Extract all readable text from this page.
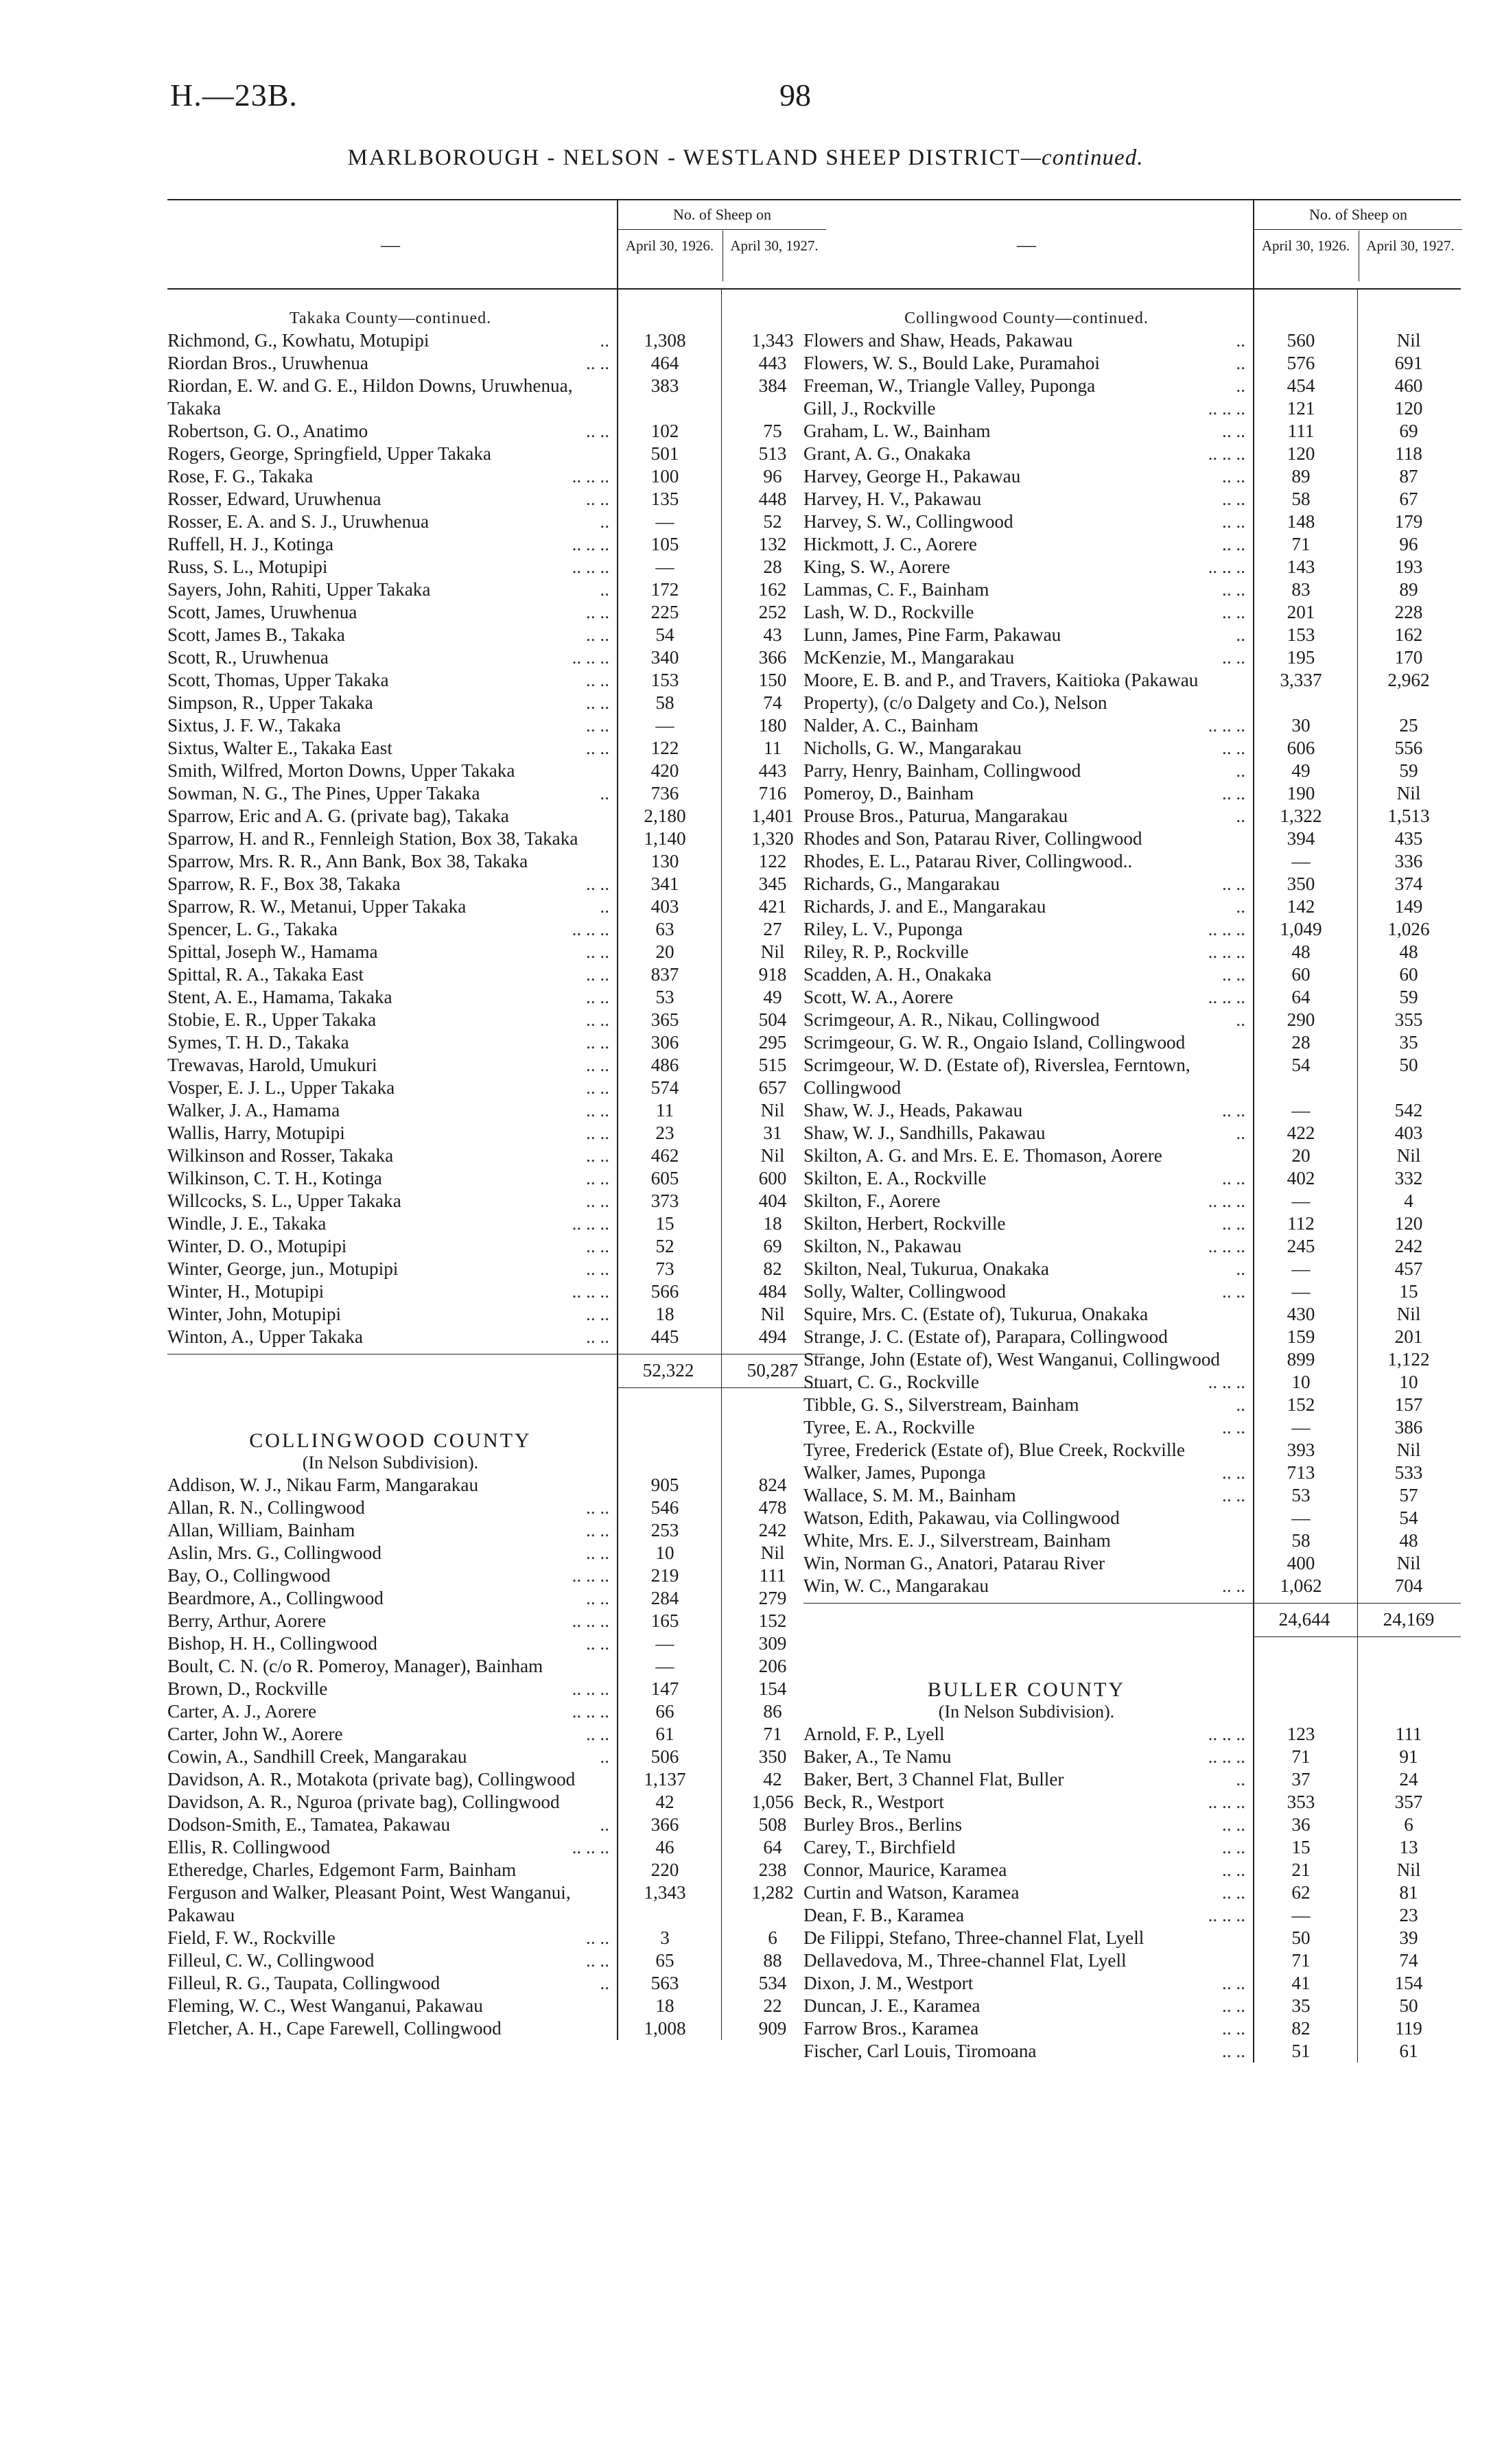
H.—23B.	98
MARLBOROUGH - NELSON - WESTLAND SHEEP DISTRICT—continued.
—
No. of Sheep on
April 30, 1926.	April 30, 1927.
Takaka County—continued.
Richmond, G., Kowhatu, Motupipi	..	1,308	1,343
Riordan Bros., Uruwhenua	.. ..	464	443
Riordan, E. W. and G. E., Hildon Downs, Uruwhenua, Takaka
383	384
Robertson, G. O., Anatimo	.. ..	102	75
Rogers, George, Springfield, Upper Takaka	501	513
Rose, F. G., Takaka	.. .. ..	100	96
Rosser, Edward, Uruwhenua	.. ..	135	448
Rosser, E. A. and S. J., Uruwhenua	..	—	52
Ruffell, H. J., Kotinga	.. .. ..	105	132
Russ, S. L., Motupipi	.. .. ..	—	28
Sayers, John, Rahiti, Upper Takaka	..	172	162
Scott, James, Uruwhenua	.. ..	225	252
Scott, James B., Takaka	.. ..	54	43
Scott, R., Uruwhenua	.. .. ..	340	366
Scott, Thomas, Upper Takaka	.. ..	153	150
Simpson, R., Upper Takaka	.. ..	58	74
Sixtus, J. F. W., Takaka	.. ..	—	180
Sixtus, Walter E., Takaka East	.. ..	122	11
Smith, Wilfred, Morton Downs, Upper Takaka	420	443
Sowman, N. G., The Pines, Upper Takaka	..	736	716
Sparrow, Eric and A. G. (private bag), Takaka	2,180	1,401
Sparrow, H. and R., Fennleigh Station, Box 38, Takaka	1,140	1,320
Sparrow, Mrs. R. R., Ann Bank, Box 38, Takaka	130	122
Sparrow, R. F., Box 38, Takaka	.. ..	341	345
Sparrow, R. W., Metanui, Upper Takaka	..	403	421
Spencer, L. G., Takaka	.. .. ..	63	27
Spittal, Joseph W., Hamama	.. ..	20	Nil
Spittal, R. A., Takaka East	.. ..	837	918
Stent, A. E., Hamama, Takaka	.. ..	53	49
Stobie, E. R., Upper Takaka	.. ..	365	504
Symes, T. H. D., Takaka	.. ..	306	295
Trewavas, Harold, Umukuri	.. ..	486	515
Vosper, E. J. L., Upper Takaka	.. ..	574	657
Walker, J. A., Hamama	.. ..	11	Nil
Wallis, Harry, Motupipi	.. ..	23	31
Wilkinson and Rosser, Takaka	.. ..	462	Nil
Wilkinson, C. T. H., Kotinga	.. ..	605	600
Willcocks, S. L., Upper Takaka	.. ..	373	404
Windle, J. E., Takaka	.. .. ..	15	18
Winter, D. O., Motupipi	.. ..	52	69
Winter, George, jun., Motupipi	.. ..	73	82
Winter, H., Motupipi	.. .. ..	566	484
Winter, John, Motupipi	.. ..	18	Nil
Winton, A., Upper Takaka	.. ..	445	494
52,322	50,287
COLLINGWOOD COUNTY
(In Nelson Subdivision).
Addison, W. J., Nikau Farm, Mangarakau	905	824
Allan, R. N., Collingwood	.. ..	546	478
Allan, William, Bainham	.. ..	253	242
Aslin, Mrs. G., Collingwood	.. ..	10	Nil
Bay, O., Collingwood	.. .. ..	219	111
Beardmore, A., Collingwood	.. ..	284	279
Berry, Arthur, Aorere	.. .. ..	165	152
Bishop, H. H., Collingwood	.. ..	—	309
Boult, C. N. (c/o R. Pomeroy, Manager), Bainham	—	206
Brown, D., Rockville	.. .. ..	147	154
Carter, A. J., Aorere	.. .. ..	66	86
Carter, John W., Aorere	.. ..	61	71
Cowin, A., Sandhill Creek, Mangarakau	..	506	350
Davidson, A. R., Motakota (private bag), Collingwood	1,137	42
Davidson, A. R., Nguroa (private bag), Collingwood	42	1,056
Dodson-Smith, E., Tamatea, Pakawau	..	366	508
Ellis, R. Collingwood	.. .. ..	46	64
Etheredge, Charles, Edgemont Farm, Bainham	220	238
Ferguson and Walker, Pleasant Point, West Wanganui, Pakawau
1,343	1,282
Field, F. W., Rockville	.. ..	3	6
Filleul, C. W., Collingwood	.. ..	65	88
Filleul, R. G., Taupata, Collingwood	..	563	534
Fleming, W. C., West Wanganui, Pakawau	18	22
Fletcher, A. H., Cape Farewell, Collingwood	1,008	909
—
No. of Sheep on
April 30, 1926.	April 30, 1927.
Collingwood County—continued.
Flowers and Shaw, Heads, Pakawau	..	560	Nil
Flowers, W. S., Bould Lake, Puramahoi	..	576	691
Freeman, W., Triangle Valley, Puponga	..	454	460
Gill, J., Rockville	.. .. ..	121	120
Graham, L. W., Bainham	.. ..	111	69
Grant, A. G., Onakaka	.. .. ..	120	118
Harvey, George H., Pakawau	.. ..	89	87
Harvey, H. V., Pakawau	.. ..	58	67
Harvey, S. W., Collingwood	.. ..	148	179
Hickmott, J. C., Aorere	.. ..	71	96
King, S. W., Aorere	.. .. ..	143	193
Lammas, C. F., Bainham	.. ..	83	89
Lash, W. D., Rockville	.. ..	201	228
Lunn, James, Pine Farm, Pakawau	..	153	162
McKenzie, M., Mangarakau	.. ..	195	170
Moore, E. B. and P., and Travers, Kaitioka (Pakawau Property), (c/o Dalgety and Co.), Nelson
3,337	2,962
Nalder, A. C., Bainham	.. .. ..	30	25
Nicholls, G. W., Mangarakau	.. ..	606	556
Parry, Henry, Bainham, Collingwood	..	49	59
Pomeroy, D., Bainham	.. ..	190	Nil
Prouse Bros., Paturua, Mangarakau	..	1,322	1,513
Rhodes and Son, Patarau River, Collingwood	394	435
Rhodes, E. L., Patarau River, Collingwood..	—	336
Richards, G., Mangarakau	.. ..	350	374
Richards, J. and E., Mangarakau	..	142	149
Riley, L. V., Puponga	.. .. ..	1,049	1,026
Riley, R. P., Rockville	.. .. ..	48	48
Scadden, A. H., Onakaka	.. ..	60	60
Scott, W. A., Aorere	.. .. ..	64	59
Scrimgeour, A. R., Nikau, Collingwood	..	290	355
Scrimgeour, G. W. R., Ongaio Island, Collingwood	28	35
Scrimgeour, W. D. (Estate of), Riverslea, Ferntown, Collingwood
54	50
Shaw, W. J., Heads, Pakawau	.. ..	—	542
Shaw, W. J., Sandhills, Pakawau	..	422	403
Skilton, A. G. and Mrs. E. E. Thomason, Aorere	20	Nil
Skilton, E. A., Rockville	.. ..	402	332
Skilton, F., Aorere	.. .. ..	—	4
Skilton, Herbert, Rockville	.. ..	112	120
Skilton, N., Pakawau	.. .. ..	245	242
Skilton, Neal, Tukurua, Onakaka	..	—	457
Solly, Walter, Collingwood	.. ..	—	15
Squire, Mrs. C. (Estate of), Tukurua, Onakaka	430	Nil
Strange, J. C. (Estate of), Parapara, Collingwood	159	201
Strange, John (Estate of), West Wanganui, Collingwood	899	1,122
Stuart, C. G., Rockville	.. .. ..	10	10
Tibble, G. S., Silverstream, Bainham	..	152	157
Tyree, E. A., Rockville	.. ..	—	386
Tyree, Frederick (Estate of), Blue Creek, Rockville	393	Nil
Walker, James, Puponga	.. ..	713	533
Wallace, S. M. M., Bainham	.. ..	53	57
Watson, Edith, Pakawau, via Collingwood	—	54
White, Mrs. E. J., Silverstream, Bainham	58	48
Win, Norman G., Anatori, Patarau River	400	Nil
Win, W. C., Mangarakau	.. ..	1,062	704
24,644	24,169
BULLER COUNTY
(In Nelson Subdivision).
Arnold, F. P., Lyell	.. .. ..	123	111
Baker, A., Te Namu	.. .. ..	71	91
Baker, Bert, 3 Channel Flat, Buller	..	37	24
Beck, R., Westport	.. .. ..	353	357
Burley Bros., Berlins	.. ..	36	6
Carey, T., Birchfield	.. ..	15	13
Connor, Maurice, Karamea	.. ..	21	Nil
Curtin and Watson, Karamea	.. ..	62	81
Dean, F. B., Karamea	.. .. ..	—	23
De Filippi, Stefano, Three-channel Flat, Lyell	50	39
Dellavedova, M., Three-channel Flat, Lyell	71	74
Dixon, J. M., Westport	.. ..	41	154
Duncan, J. E., Karamea	.. ..	35	50
Farrow Bros., Karamea	.. ..	82	119
Fischer, Carl Louis, Tiromoana	.. ..	51	61
